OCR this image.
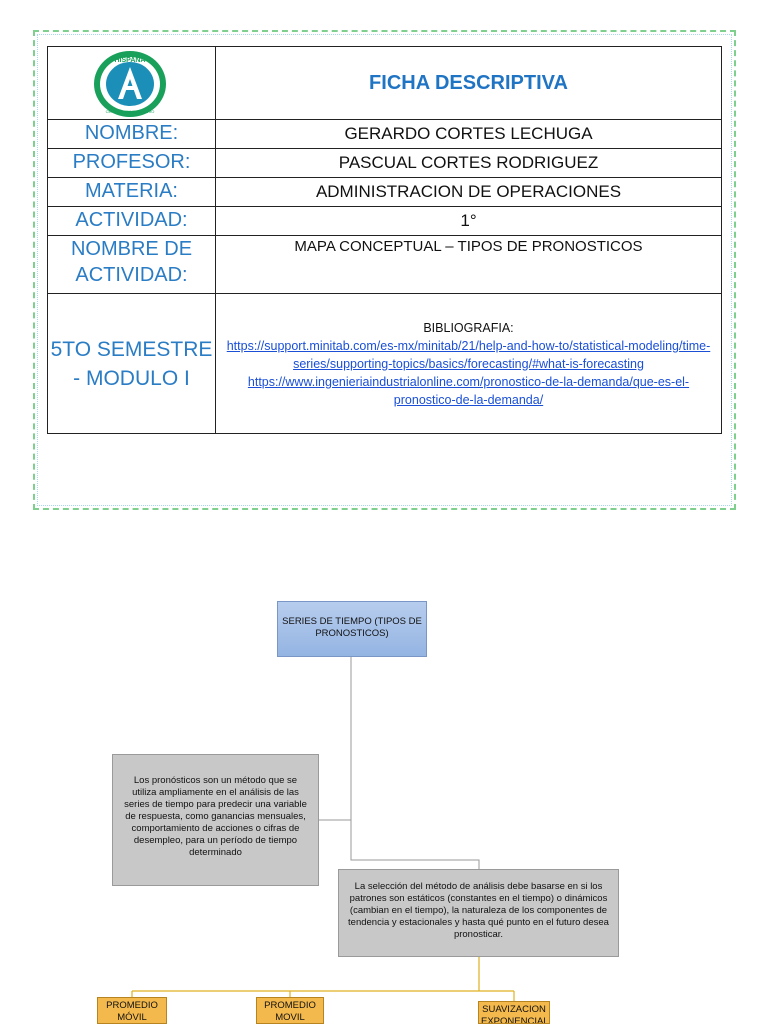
HISPANA
CENTRO UNIVERSITARIO	FICHA DESCRIPTIVA
NOMBRE:	GERARDO CORTES LECHUGA
PROFESOR:	PASCUAL CORTES RODRIGUEZ
MATERIA:	ADMINISTRACION DE OPERACIONES
ACTIVIDAD:	1°
NOMBRE DE ACTIVIDAD:	MAPA CONCEPTUAL – TIPOS DE PRONOSTICOS
5TO SEMESTRE - MODULO I	BIBLIOGRAFIA:
https://support.minitab.com/es-mx/minitab/21/help-and-how-to/statistical-modeling/time-series/supporting-topics/basics/forecasting/#what-is-forecasting
https://www.ingenieriaindustrialonline.com/pronostico-de-la-demanda/que-es-el-pronostico-de-la-demanda/
SERIES DE TIEMPO (TIPOS DE PRONOSTICOS)
Los pronósticos son un método que se utiliza ampliamente en el análisis de las series de tiempo para predecir una variable de respuesta, como ganancias mensuales, comportamiento de acciones o cifras de desempleo, para un período de tiempo determinado
La selección del método de análisis debe basarse en si los patrones son estáticos (constantes en el tiempo) o dinámicos (cambian en el tiempo), la naturaleza de los componentes de tendencia y estacionales y hasta qué punto en el futuro desea pronosticar.
PROMEDIO MÓVIL
PROMEDIO MOVIL
SUAVIZACION EXPONENCIAL
